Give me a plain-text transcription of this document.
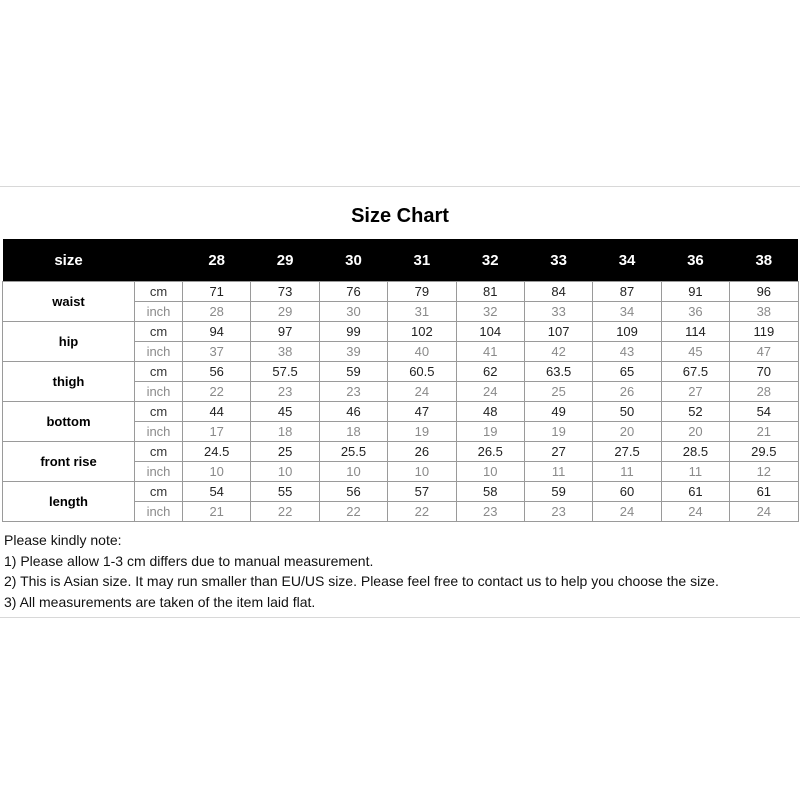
Size Chart
size		28	29	30	31	32	33	34	36	38
waist	cm	71	73	76	79	81	84	87	91	96
	inch	28	29	30	31	32	33	34	36	38
hip	cm	94	97	99	102	104	107	109	114	119
	inch	37	38	39	40	41	42	43	45	47
thigh	cm	56	57.5	59	60.5	62	63.5	65	67.5	70
	inch	22	23	23	24	24	25	26	27	28
bottom	cm	44	45	46	47	48	49	50	52	54
	inch	17	18	18	19	19	19	20	20	21
front rise	cm	24.5	25	25.5	26	26.5	27	27.5	28.5	29.5
	inch	10	10	10	10	10	11	11	11	12
length	cm	54	55	56	57	58	59	60	61	61
	inch	21	22	22	22	23	23	24	24	24
Please kindly note:
1) Please allow 1-3 cm differs due to manual measurement.
2) This is Asian size. It may run smaller than EU/US size. Please feel free to contact us to help you choose the size.
3) All measurements are taken of the item laid flat.
